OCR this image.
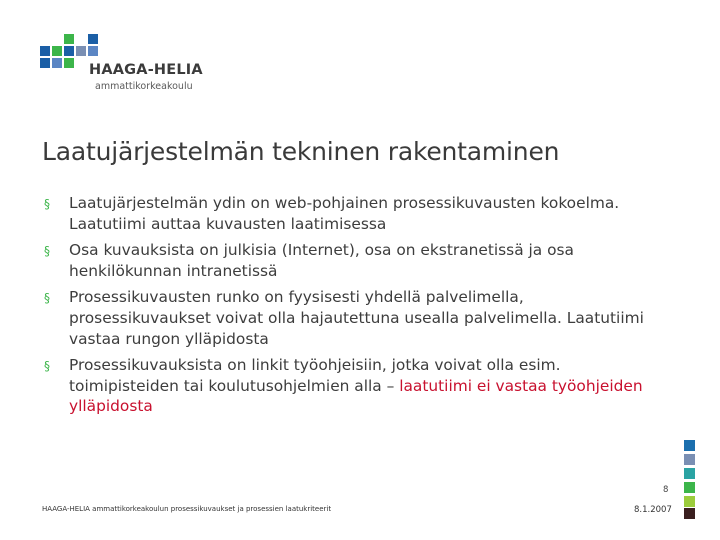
HAAGA-HELIA
ammattikorkeakoulu
Laatujärjestelmän tekninen rakentaminen
§ Laatujärjestelmän ydin on web-pohjainen prosessikuvausten kokoelma. Laatutiimi auttaa kuvausten laatimisessa
§ Osa kuvauksista on julkisia (Internet), osa on ekstranetissä ja osa henkilökunnan intranetissä
§ Prosessikuvausten runko on fyysisesti yhdellä palvelimella, prosessikuvaukset voivat olla hajautettuna usealla palvelimella. Laatutiimi vastaa rungon ylläpidosta
§ Prosessikuvauksista on linkit työohjeisiin, jotka voivat olla esim. toimipisteiden tai koulutusohjelmien alla – laatutiimi ei vastaa työohjeiden ylläpidosta
8
HAAGA-HELIA ammattikorkeakoulun prosessikuvaukset ja prosessien laatukriteerit	8.1.2007
